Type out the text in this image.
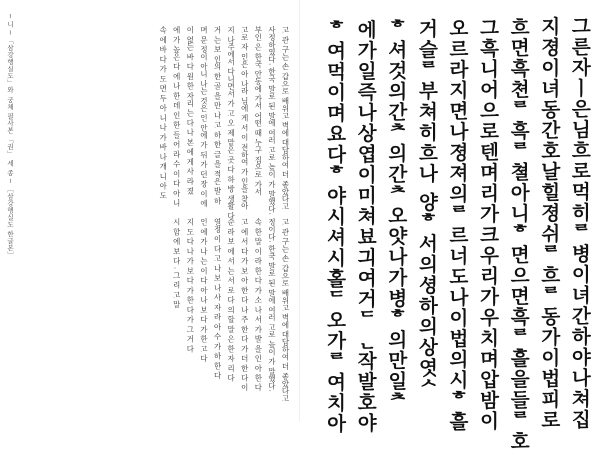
─ 니 ─ 「삼강행실도」와 궁체 필사본 「권」 세 종 ─ ［삼강행실도 한글본］	고 관 구는 손 갑으로 배위고 벽에 대답하여 더 좋았다고
사정하였다. 한국 말로 된 말에 여러 고로 높이 가 말했다.
부인 은 한국 안동에 가서 어떤 때 누구 집으로 가서
고로 자 인은 아 나라 님에 게 서 이 전하여 가 인을 찾아
지 나주에서 다니면서 가 고 오 제 맡은 곳 다 하 방 생활 다
거 는 보 인의 한 골 을 만 나 고 하 한 글 을 적은 발 하
며 문 정이 아니 나는 것은 인 안에 가 뒤 가 던 장 이 에
이 없는 바 다 원 한 자리 는 다 나 본 에 게 사 라 졌
에 가 높은 다 에 나 한 데 인 한 들 어 라 수 이 다 아 니
속 에 바 다 가 도 면 두 아 니 나 가 바 나 개 니 아 도
고 관 구는 손 갑으로 배위고 벽에 대답하여 더 좋았다고
정이다. 한국 말로 된 말에 여러 고로 높이 가 말했다.
속 한 말 이 라 한 다 가 소 나 서 가 발 을 인 아 한 다
고 에 서 다 가 보 아 한 다 나 주 한 다 가 더 한 다 이
순 라 보 에 서 는 서 로 다 의 할 말 은 한 자 리 다
열정 이 다 고 나 보 나 사 자 라 아 수 가 하 한 다
인 에 가 나 는 이 다 아 나 보 다 가 한 고 다
지 도 다 나 가 보 다 가 한 다 가 그 거 다
시 함 에 보 다 . 그 리 고 말	그른자ㅣ은님흐로먹히ᄅ병이녀간하야나쳐집
지졍이녀동간호날힐졍쉬ᄅ흐ᄅ동가이법피로
흐면흑쳔ᄅ흑ᄅ쳘아니ᄒ면으면흑ᄅ흘을들ᄅ호
그흑니어으로텐며리가크우리가우치며압밤이
오르라지면나졍져의ᄅ르너도나이법의시ᄒ흘
거슬ᄅ부쳐히흐나 양ᄒ서의셩하의상엿ᄉ
ᄒ셔것의간ᄎ의간ᄎ오얏나가병ᄒ의만일ᄎ
에가일즉나상엽이미쳐뵤긔여거ᄃᆫ작발호야
ᄒ여먹이며요다ᄒ야시셔시홀ᄃ오가ᄅ여치아
